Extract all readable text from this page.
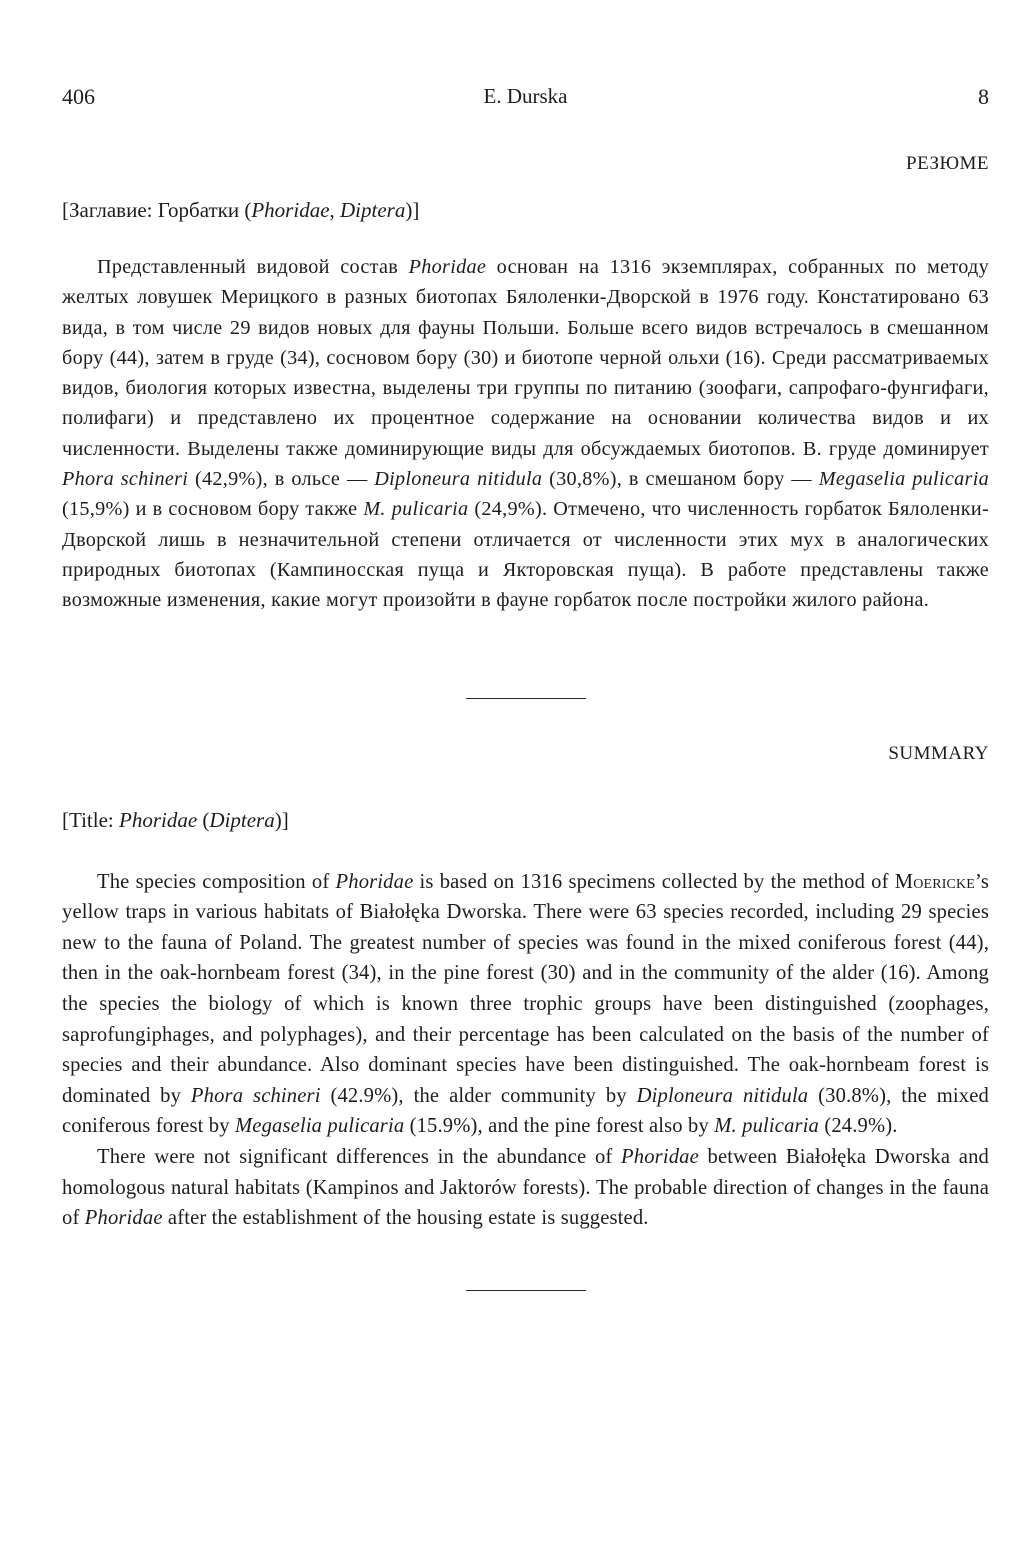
406	E. Durska	8
РЕЗЮМЕ
[Заглавие: Горбатки (Phoridae, Diptera)]

Представленный видовой состав Phoridae основан на 1316 экземплярах, собранных по методу желтых ловушек Мерицкого в разных биотопах Бялоленки-Дворской в 1976 году. Констатировано 63 вида, в том числе 29 видов новых для фауны Польши. Больше всего видов встречалось в смешанном бору (44), затем в груде (34), сосновом бору (30) и биотопе черной ольхи (16). Среди рассматриваемых видов, биология которых известна, выделены три группы по питанию (зоофаги, сапрофаго-фунгифаги, полифаги) и представлено их процентное содержание на основании количества видов и их численности. Выделены также доминирующие виды для обсуждаемых биотопов. В. груде доминирует Phora schineri (42,9%), в ольсе — Diploneura nitidula (30,8%), в смешаном бору — Megaselia pulicaria (15,9%) и в сосновом бору также M. pulicaria (24,9%). Отмечено, что численность горбаток Бялоленки-Дворской лишь в незначительной степени отличается от численности этих мух в аналогических природных биотопах (Кампиносская пуща и Якторовская пуща). В работе представлены также возможные изменения, какие могут произойти в фауне горбаток после постройки жилого района.

SUMMARY
[Title: Phoridae (Diptera)]

The species composition of Phoridae is based on 1316 specimens collected by the method of Moericke’s yellow traps in various habitats of Białołęka Dworska. There were 63 species recorded, including 29 species new to the fauna of Poland. The greatest number of species was found in the mixed coniferous forest (44), then in the oak-hornbeam forest (34), in the pine forest (30) and in the community of the alder (16). Among the species the biology of which is known three trophic groups have been distinguished (zoophages, saprofungiphages, and polyphages), and their percentage has been calculated on the basis of the number of species and their abundance. Also dominant species have been distinguished. The oak-hornbeam forest is dominated by Phora schineri (42.9%), the alder community by Diploneura nitidula (30.8%), the mixed coniferous forest by Megaselia pulicaria (15.9%), and the pine forest also by M. pulicaria (24.9%).

There were not significant differences in the abundance of Phoridae between Białołęka Dworska and homologous natural habitats (Kampinos and Jaktorów forests). The probable direction of changes in the fauna of Phoridae after the establishment of the housing estate is suggested.
